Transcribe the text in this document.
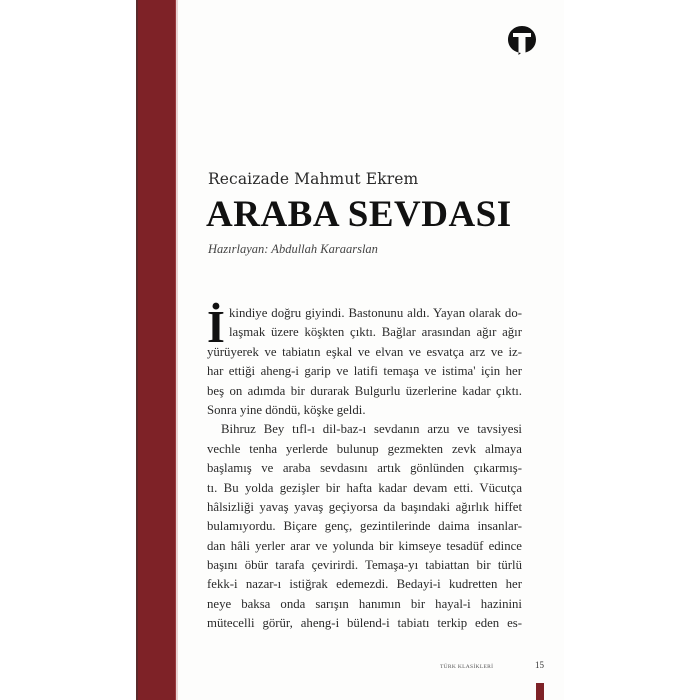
Recaizade Mahmut Ekrem
ARABA SEVDASI
Hazırlayan: Abdullah Karaarslan
İ kindiye doğru giyindi. Bastonunu aldı. Yayan olarak do-
laşmak üzere köşkten çıktı. Bağlar arasından ağır ağır
yürüyerek ve tabiatın eşkal ve elvan ve esvatça arz ve iz-
har ettiği aheng-i garip ve latifi temaşa ve istima' için her
beş on adımda bir durarak Bulgurlu üzerlerine kadar çıktı.
Sonra yine döndü, köşke geldi.
Bihruz Bey tıfl-ı dil-baz-ı sevdanın arzu ve tavsiyesi
vechle tenha yerlerde bulunup gezmekten zevk almaya
başlamış ve araba sevdasını artık gönlünden çıkarmış-
tı. Bu yolda gezişler bir hafta kadar devam etti. Vücutça
hâlsizliği yavaş yavaş geçiyorsa da başındaki ağırlık hiffet
bulamıyordu. Biçare genç, gezintilerinde daima insanlar-
dan hâli yerler arar ve yolunda bir kimseye tesadüf edince
başını öbür tarafa çevirirdi. Temaşa-yı tabiattan bir türlü
fekk-i nazar-ı istiğrak edemezdi. Bedayi-i kudretten her
neye baksa onda sarışın hanımın bir hayal-i hazinini
mütecelli görür, aheng-i bülend-i tabiatı terkip eden es-
TÜRK KLASİKLERİ	15
